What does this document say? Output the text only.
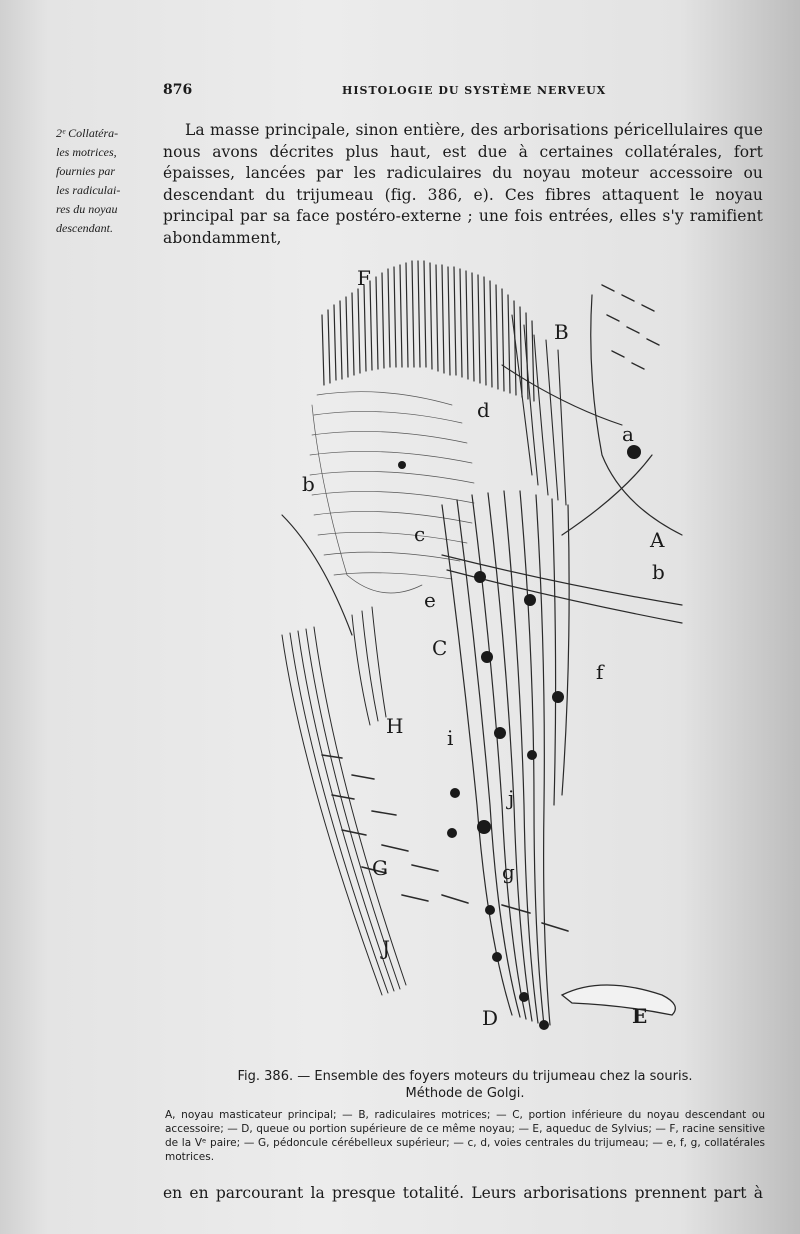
876	HISTOLOGIE DU SYSTÈME NERVEUX
2ᵉ Collatéra-
les motrices,
fournies par
les radiculai-
res du noyau
descendant.

La masse principale, sinon entière, des arborisations péricellulaires que nous avons décrites plus haut, est due à certaines collatérales, fort épaisses, lancées par les radiculaires du noyau moteur accessoire ou descendant du trijumeau (fig. 386, e). Ces fibres attaquent le noyau principal par sa face postéro-externe ; une fois entrées, elles s'y ramifient abondamment,

F
B
d
a
b
c	A
b
e
C
f
H i
j
G	g
J
D	E
Fig. 386. — Ensemble des foyers moteurs du trijumeau chez la souris.
Méthode de Golgi.
A, noyau masticateur principal; — B, radiculaires motrices; — C, portion inférieure du noyau descendant ou accessoire; — D, queue ou portion supérieure de ce même noyau; — E, aqueduc de Sylvius; — F, racine sensitive de la Vᵉ paire; — G, pédoncule cérébelleux supérieur; — c, d, voies centrales du trijumeau; — e, f, g, collatérales motrices.
en en parcourant la presque totalité. Leurs arborisations prennent part à
